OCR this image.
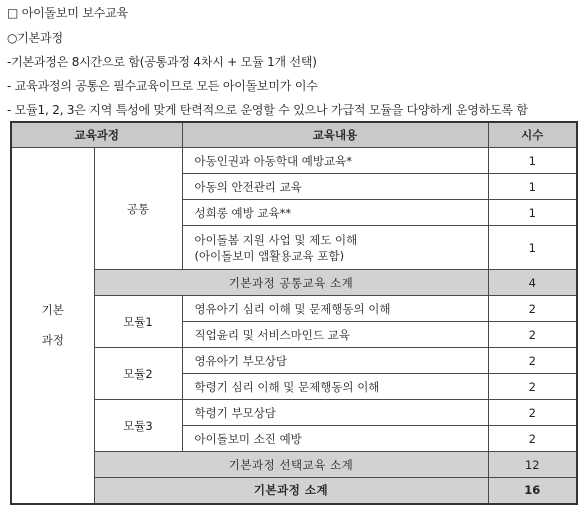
□ 아이돌보미 보수교육
○기본과정
-기본과정은 8시간으로 함(공통과정 4차시 + 모듈 1개 선택)
- 교육과정의 공통은 필수교육이므로 모든 아이돌보미가 이수
- 모듈1, 2, 3은 지역 특성에 맞게 탄력적으로 운영할 수 있으나 가급적 모듈을 다양하게 운영하도록 함
교육과정		교육내용	시수

기본
과정	공통	아동인권과 아동학대 예방교육*	1
		아동의 안전관리 교육	1
		성희롱 예방 교육**	1

		아이돌봄 지원 사업 및 제도 이해
(아이돌보미 앱활용교육 포함)	1
	기본과정 공통교육 소계		4
	모듈1	영유아기 심리 이해 및 문제행동의 이해	2
		직업윤리 및 서비스마인드 교육	2
	모듈2	영유아기 부모상담	2
		학령기 심리 이해 및 문제행동의 이해	2
	모듈3	학령기 부모상담	2
		아이돌보미 소진 예방	2
	기본과정 선택교육 소계		12
	기본과정 소계		16
